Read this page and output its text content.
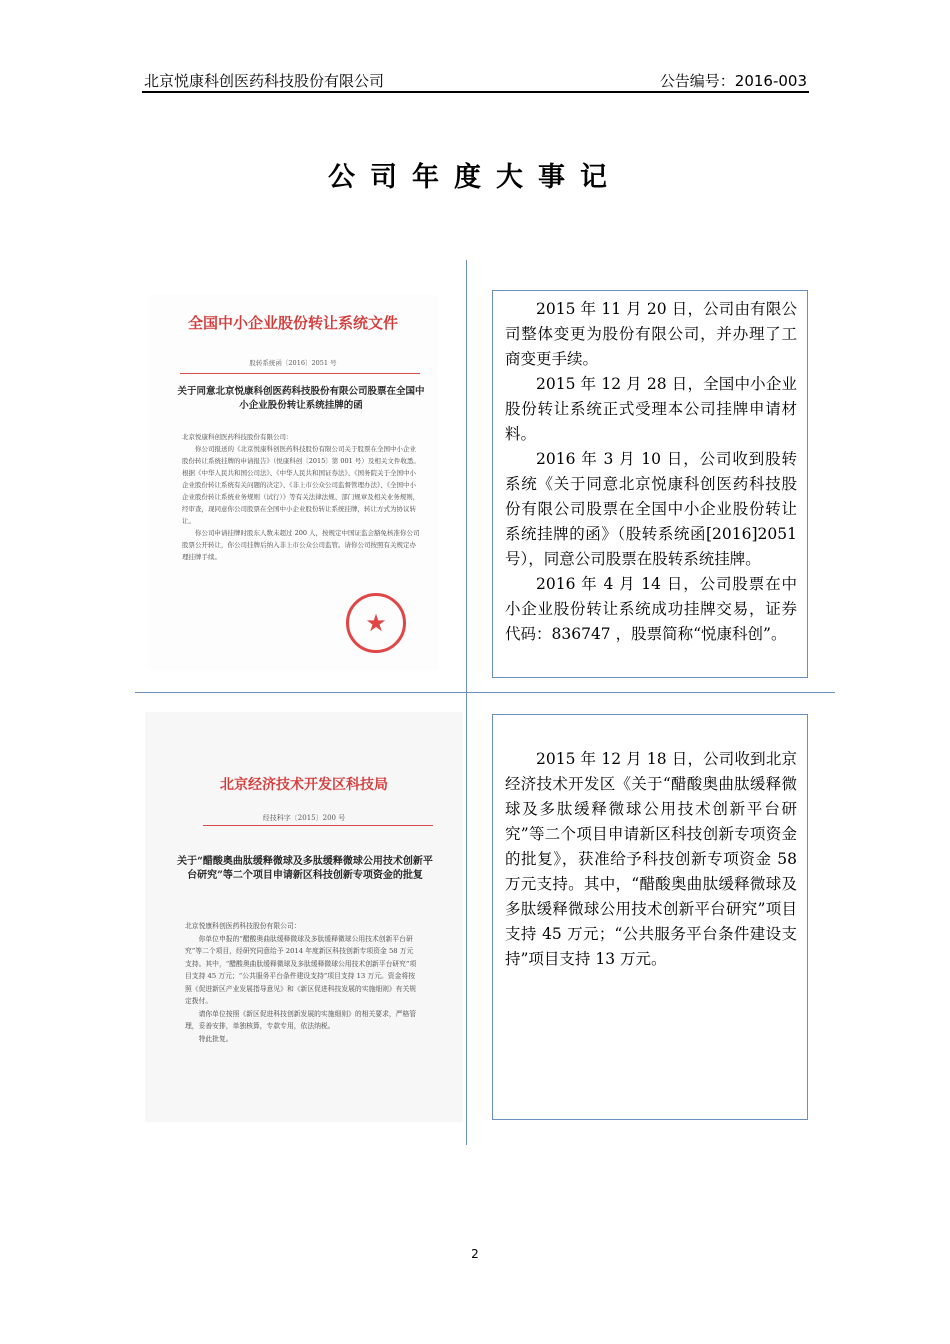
北京悦康科创医药科技股份有限公司	公告编号：2016-003
公司年度大事记
全国中小企业股份转让系统文件
股转系统函〔2016〕2051 号
关于同意北京悦康科创医药科技股份有限公司股票在全国中小企业股份转让系统挂牌的函

北京悦康科创医药科技股份有限公司：

你公司报送的《北京悦康科创医药科技股份有限公司关于股票在全国中小企业股份转让系统挂牌的申请报告》（悦康科创〔2015〕第 001 号）及相关文件收悉。根据《中华人民共和国公司法》、《中华人民共和国证券法》、《国务院关于全国中小企业股份转让系统有关问题的决定》、《非上市公众公司监督管理办法》、《全国中小企业股份转让系统业务规则（试行）》等有关法律法规、部门规章及相关业务规则，经审查，现同意你公司股票在全国中小企业股份转让系统挂牌，转让方式为协议转让。

你公司申请挂牌时股东人数未超过 200 人，按规定中国证监会豁免核准你公司股票公开转让，你公司挂牌后纳入非上市公众公司监管。请你公司按照有关规定办理挂牌手续。

★

2015 年 11 月 20 日，公司由有限公司整体变更为股份有限公司，并办理了工商变更手续。

2015 年 12 月 28 日，全国中小企业股份转让系统正式受理本公司挂牌申请材料。

2016 年 3 月 10 日，公司收到股转系统《关于同意北京悦康科创医药科技股份有限公司股票在全国中小企业股份转让系统挂牌的函》（股转系统函[2016]2051 号），同意公司股票在股转系统挂牌。

2016 年 4 月 14 日，公司股票在中小企业股份转让系统成功挂牌交易，证券代码：836747 ，股票简称“悦康科创”。

北京经济技术开发区科技局
经技科字〔2015〕200 号
关于“醋酸奥曲肽缓释微球及多肽缓释微球公用技术创新平台研究”等二个项目申请新区科技创新专项资金的批复

北京悦康科创医药科技股份有限公司：

你单位申报的“醋酸奥曲肽缓释微球及多肽缓释微球公用技术创新平台研究”等二个项目，经研究同意给予 2014 年度新区科技创新专项资金 58 万元支持。其中，“醋酸奥曲肽缓释微球及多肽缓释微球公用技术创新平台研究”项目支持 45 万元；“公共服务平台条件建设支持”项目支持 13 万元。资金将按照《促进新区产业发展指导意见》和《新区促进科技发展的实施细则》有关规定拨付。

请你单位按照《新区促进科技创新发展的实施细则》的相关要求，严格管理，妥善安排，单独核算，专款专用，依法纳税。

特此批复。

2015 年 12 月 18 日，公司收到北京经济技术开发区《关于“醋酸奥曲肽缓释微球及多肽缓释微球公用技术创新平台研究”等二个项目申请新区科技创新专项资金的批复》，获准给予科技创新专项资金 58 万元支持。其中，“醋酸奥曲肽缓释微球及多肽缓释微球公用技术创新平台研究”项目支持 45 万元；“公共服务平台条件建设支持”项目支持 13 万元。

2
